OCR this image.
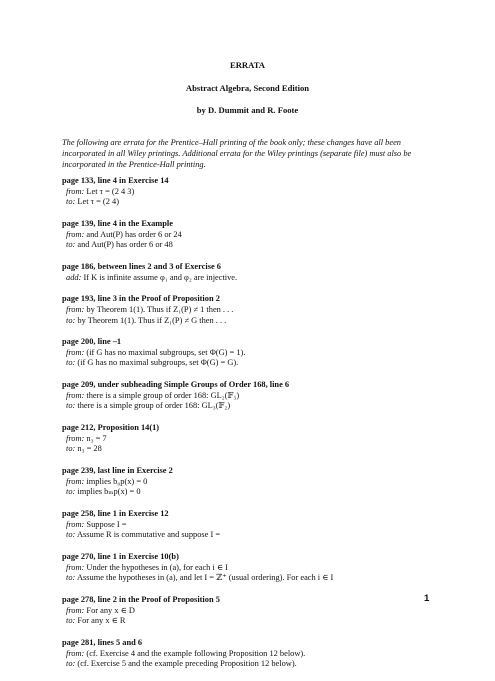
ERRATA
Abstract Algebra, Second Edition
by D. Dummit and R. Foote
The following are errata for the Prentice–Hall printing of the book only; these changes have all been incorporated in all Wiley printings. Additional errata for the Wiley printings (separate file) must also be incorporated in the Prentice-Hall printing.
page 133, line 4 in Exercise 14
from: Let τ = (2 4 3)
to: Let τ = (2 4)
page 139, line 4 in the Example
from: and Aut(P) has order 6 or 24
to: and Aut(P) has order 6 or 48
page 186, between lines 2 and 3 of Exercise 6
add: If K is infinite assume φ₁ and φ₂ are injective.
page 193, line 3 in the Proof of Proposition 2
from: by Theorem 1(1). Thus if Z₁(P) ≠ 1 then . . .
to: by Theorem 1(1). Thus if Z₁(P) ≠ G then . . .
page 200, line –1
from: (if G has no maximal subgroups, set Φ(G) = 1).
to: (if G has no maximal subgroups, set Φ(G) = G).
page 209, under subheading Simple Groups of Order 168, line 6
from: there is a simple group of order 168: GL₂(𝔽₃)
to: there is a simple group of order 168: GL₃(𝔽₂)
page 212, Proposition 14(1)
from: n₃ = 7
to: n₃ = 28
page 239, last line in Exercise 2
from: implies b₀p(x) = 0
to: implies bₘp(x) = 0
page 258, line 1 in Exercise 12
from: Suppose I =
to: Assume R is commutative and suppose I =
page 270, line 1 in Exercise 10(b)
from: Under the hypotheses in (a), for each i ∈ I
to: Assume the hypotheses in (a), and let I = ℤ⁺ (usual ordering). For each i ∈ I
page 278, line 2 in the Proof of Proposition 5
from: For any x ∈ D
to: For any x ∈ R
page 281, lines 5 and 6
from: (cf. Exercise 4 and the example following Proposition 12 below).
to: (cf. Exercise 5 and the example preceding Proposition 12 below).
1
